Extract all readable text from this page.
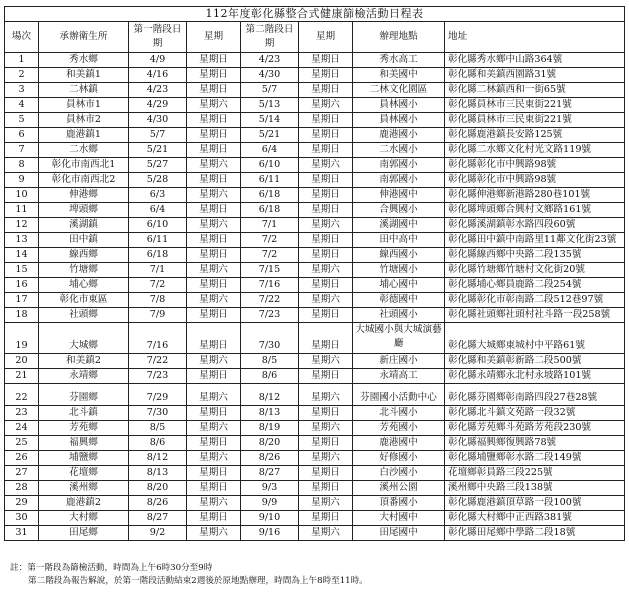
112年度彰化縣整合式健康篩檢活動日程表
場次	承辦衛生所	第一階段日期	星期	第二階段日期	星期	辦理地點	地址
1	秀水鄉	4/9	星期日	4/23	星期日	秀水高工	彰化縣秀水鄉中山路364號
2	和美鎮1	4/16	星期日	4/30	星期日	和美國中	彰化縣和美鎮西園路31號
3	二林鎮	4/23	星期日	5/7	星期日	二林文化園區	彰化縣二林鎮西和一街65號
4	員林市1	4/29	星期六	5/13	星期六	員林國小	彰化縣員林市三民東街221號
5	員林市2	4/30	星期日	5/14	星期日	員林國小	彰化縣員林市三民東街221號
6	鹿港鎮1	5/7	星期日	5/21	星期日	鹿港國小	彰化縣鹿港鎮長安路125號
7	二水鄉	5/21	星期日	6/4	星期日	二水國小	彰化縣二水鄉文化村光文路119號
8	彰化市南西北1	5/27	星期六	6/10	星期六	南郭國小	彰化縣彰化市中興路98號
9	彰化市南西北2	5/28	星期日	6/11	星期日	南郭國小	彰化縣彰化市中興路98號
10	伸港鄉	6/3	星期六	6/18	星期日	伸港國中	彰化縣伸港鄉新港路280巷101號
11	埤頭鄉	6/4	星期日	6/18	星期日	合興國小	彰化縣埤頭鄉合興村文鄉路161號
12	溪湖鎮	6/10	星期六	7/1	星期六	溪湖國中	彰化縣溪湖鎮彰水路四段60號
13	田中鎮	6/11	星期日	7/2	星期日	田中高中	彰化縣田中鎮中南路里11鄰文化街23號
14	線西鄉	6/18	星期日	7/2	星期日	線西國小	彰化縣線西鄉中央路二段135號
15	竹塘鄉	7/1	星期六	7/15	星期六	竹塘國小	彰化縣竹塘鄉竹塘村文化街20號
16	埔心鄉	7/2	星期日	7/16	星期日	埔心國中	彰化縣埔心鄉員鹿路二段254號
17	彰化市東區	7/8	星期六	7/22	星期六	彰德國中	彰化縣彰化市彰南路二段512巷97號
18	社頭鄉	7/9	星期日	7/23	星期日	社頭國小	彰化縣社頭鄉社頭村社斗路一段258號
19	大城鄉	7/16	星期日	7/30	星期日	大城國小與大城演藝廳	彰化縣大城鄉東城村中平路61號
20	和美鎮2	7/22	星期六	8/5	星期六	新庄國小	彰化縣和美鎮彰新路二段500號
21	永靖鄉	7/23	星期日	8/6	星期日	永靖高工	彰化縣永靖鄉永北村永坡路101號
22	芬園鄉	7/29	星期六	8/12	星期六	芬園國小活動中心	彰化縣芬園鄉彰南路四段27巷28號
23	北斗鎮	7/30	星期日	8/13	星期日	北斗國小	彰化縣北斗鎮文苑路一段32號
24	芳苑鄉	8/5	星期六	8/19	星期六	芳苑國小	彰化縣芳苑鄉斗苑路芳苑段230號
25	福興鄉	8/6	星期日	8/20	星期日	鹿港國中	彰化縣福興鄉復興路78號
26	埔鹽鄉	8/12	星期六	8/26	星期六	好修國小	彰化縣埔鹽鄉彰水路二段149號
27	花壇鄉	8/13	星期日	8/27	星期日	白沙國小	花壇鄉彰員路三段225號
28	溪州鄉	8/20	星期日	9/3	星期日	溪州公園	溪州鄉中央路三段138號
29	鹿港鎮2	8/26	星期六	9/9	星期六	頂番國小	彰化縣鹿港鎮頂草路一段100號
30	大村鄉	8/27	星期日	9/10	星期日	大村國中	彰化縣大村鄉中正西路381號
31	田尾鄉	9/2	星期六	9/16	星期六	田尾國中	彰化縣田尾鄉中學路二段18號
註：第一階段為篩檢活動，時間為上午6時30分至9時
第二階段為報告解說，於第一階段活動結束2週後於原地點辦理，時間為上午8時至11時。
